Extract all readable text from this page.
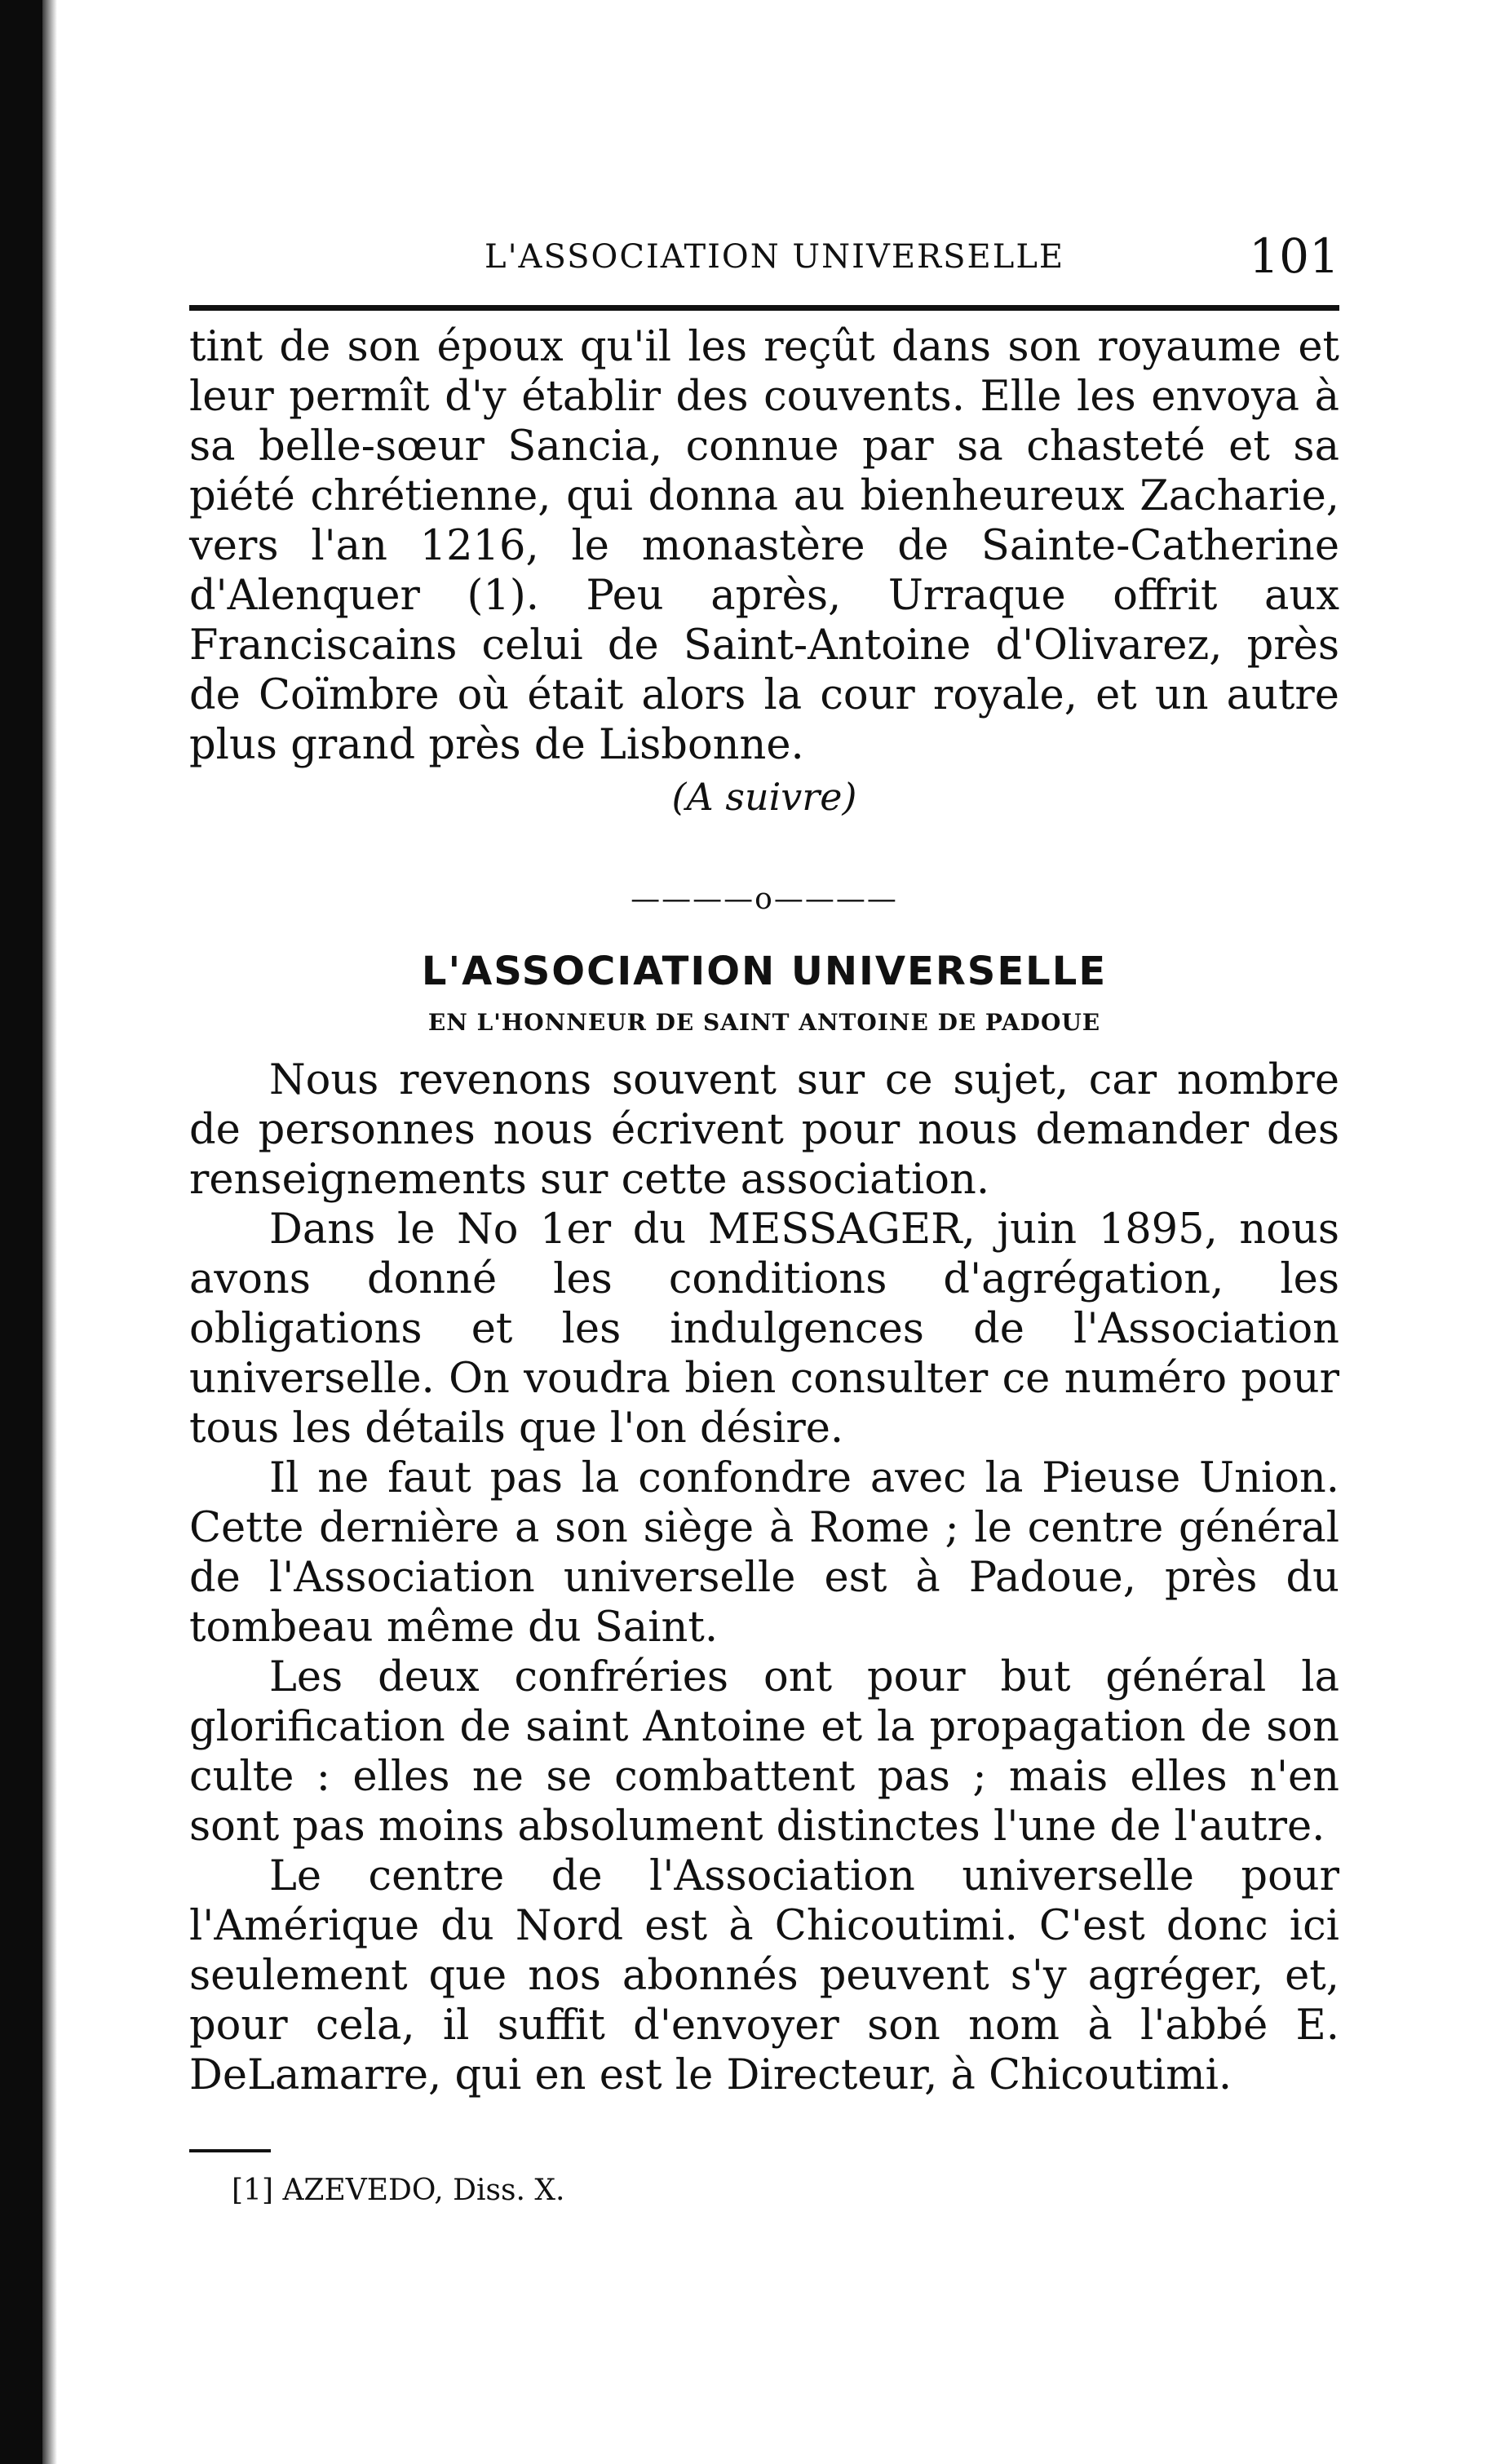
L'ASSOCIATION UNIVERSELLE	101

tint de son époux qu'il les reçût dans son royaume et leur permît d'y établir des couvents. Elle les envoya à sa belle-sœur Sancia, connue par sa chasteté et sa piété chrétienne, qui donna au bienheureux Zacharie, vers l'an 1216, le monastère de Sainte-Catherine d'Alenquer (1). Peu après, Urraque offrit aux Franciscains celui de Saint-Antoine d'Olivarez, près de Coïmbre où était alors la cour royale, et un autre plus grand près de Lisbonne.

(A suivre)
————o————
L'ASSOCIATION UNIVERSELLE
EN L'HONNEUR DE SAINT ANTOINE DE PADOUE

Nous revenons souvent sur ce sujet, car nombre de personnes nous écrivent pour nous demander des renseignements sur cette association.

Dans le No 1er du MESSAGER, juin 1895, nous avons donné les conditions d'agrégation, les obligations et les indulgences de l'Association universelle. On voudra bien consulter ce numéro pour tous les détails que l'on désire.

Il ne faut pas la confondre avec la Pieuse Union. Cette dernière a son siège à Rome ; le centre général de l'Association universelle est à Padoue, près du tombeau même du Saint.

Les deux confréries ont pour but général la glorification de saint Antoine et la propagation de son culte : elles ne se combattent pas ; mais elles n'en sont pas moins absolument distinctes l'une de l'autre.

Le centre de l'Association universelle pour l'Amérique du Nord est à Chicoutimi. C'est donc ici seulement que nos abonnés peuvent s'y agréger, et, pour cela, il suffit d'envoyer son nom à l'abbé E. DeLamarre, qui en est le Directeur, à Chicoutimi.

[1] AZEVEDO, Diss. X.
